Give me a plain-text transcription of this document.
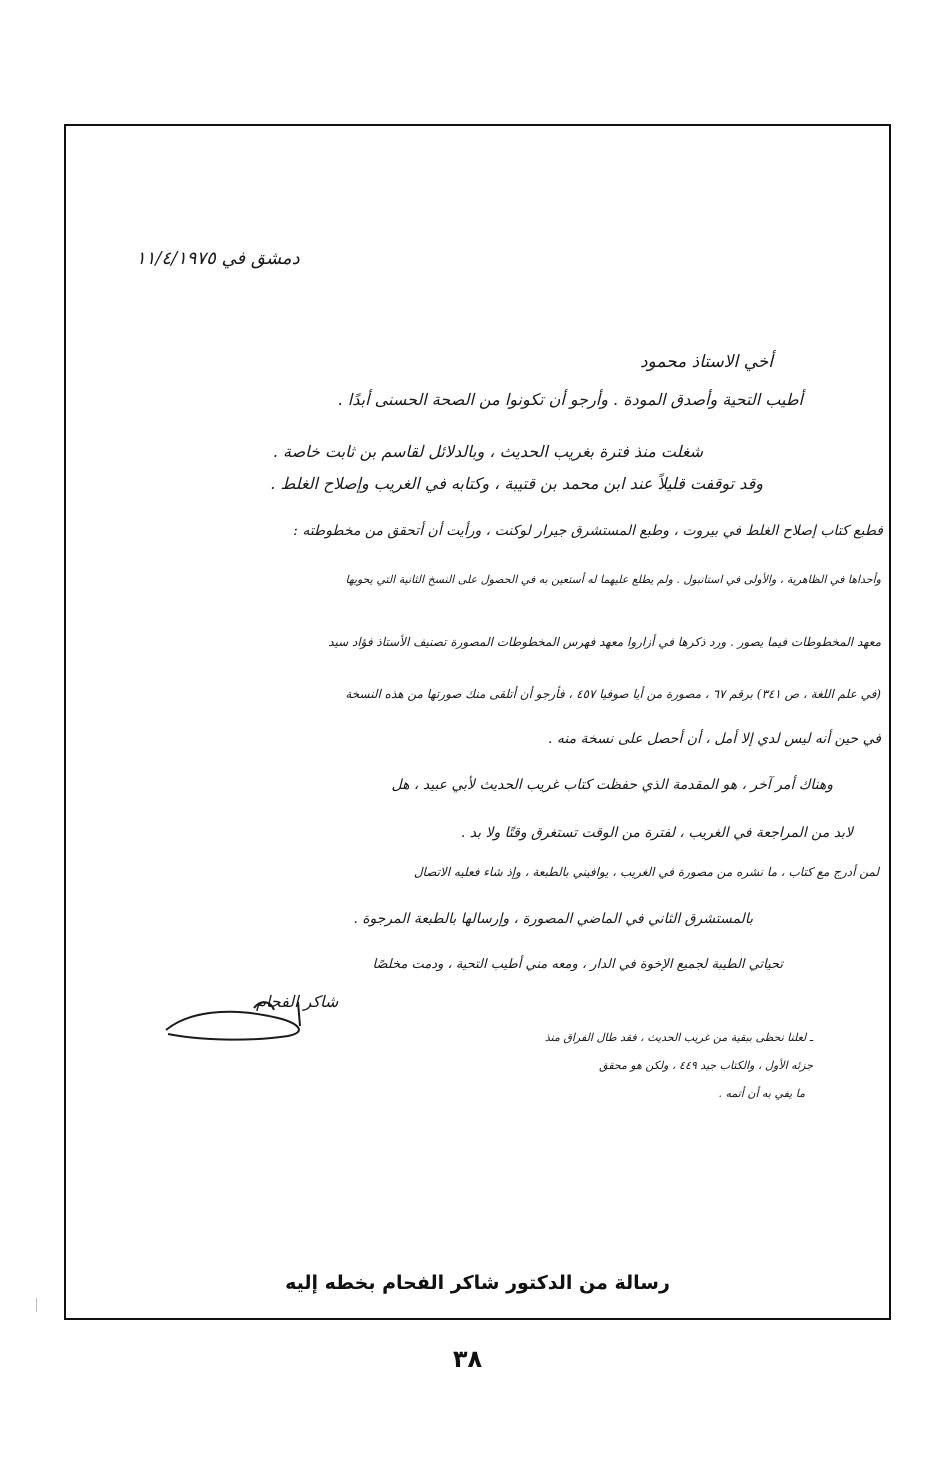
دمشق في ١١/٤/١٩٧٥
أخي الاستاذ محمود
أطيب التحية وأصدق المودة . وأرجو أن تكونوا من الصحة الحسنى أبدًا .
شغلت منذ فترة بغريب الحديث ، وبالدلائل لقاسم بن ثابت خاصة .
وقد توقفت قليلاً عند ابن محمد بن قتيبة ، وكتابه في الغريب وإصلاح الغلط .
فطبع كتاب إصلاح الغلط في بيروت ، وطبع المستشرق جيرار لوكنت ، ورأيت أن أتحقق من مخطوطته :
وأحداها في الظاهرية ، والأولى في استانبول . ولم يطلع عليهما له أستعين به في الحصول على النسخ الثانية التي يحويها
معهد المخطوطات فيما يصور . ورد ذكرها في أزاروا معهد فهرس المخطوطات المصورة تصنيف الأستاذ فؤاد سيد
(في علم اللغة ، ص ٣٤١) برقم ٦٧ ، مصورة من أيا صوفيا ٤٥٧ ، فأرجو أن أتلقى منك صورتها من هذه النسخة
في حين أنه ليس لدي إلا أمل ، أن أحصل على نسخة منه .
وهناك أمر آخر ، هو المقدمة الذي حفظت كتاب غريب الحديث لأبي عبيد ، هل
لابد من المراجعة في الغريب ، لفترة من الوقت تستغرق وقتًا ولا بد .
لمن أدرج مع كتاب ، ما نشره من مصورة في الغريب ، يوافيني بالطبعة ، وإذ شاء فعليه الاتصال
بالمستشرق الثاني في الماضي المصورة ، وإرسالها بالطبعة المرجوة .
تحياتي الطيبة لجميع الإخوة في الدار ، ومعه مني أطيب التحية ، ودمت مخلصًا
شاكر الفحام
ـ لعلنا نحظى ببقية من غريب الحديث ، فقد طال الفراق منذ
جزئه الأول ، والكتاب جيد ٤٤٩ ، ولكن هو محقق
ما يفي به أن أتمه .
رسالة من الدكتور شاكر الفحام بخطه إليه
٣٨
